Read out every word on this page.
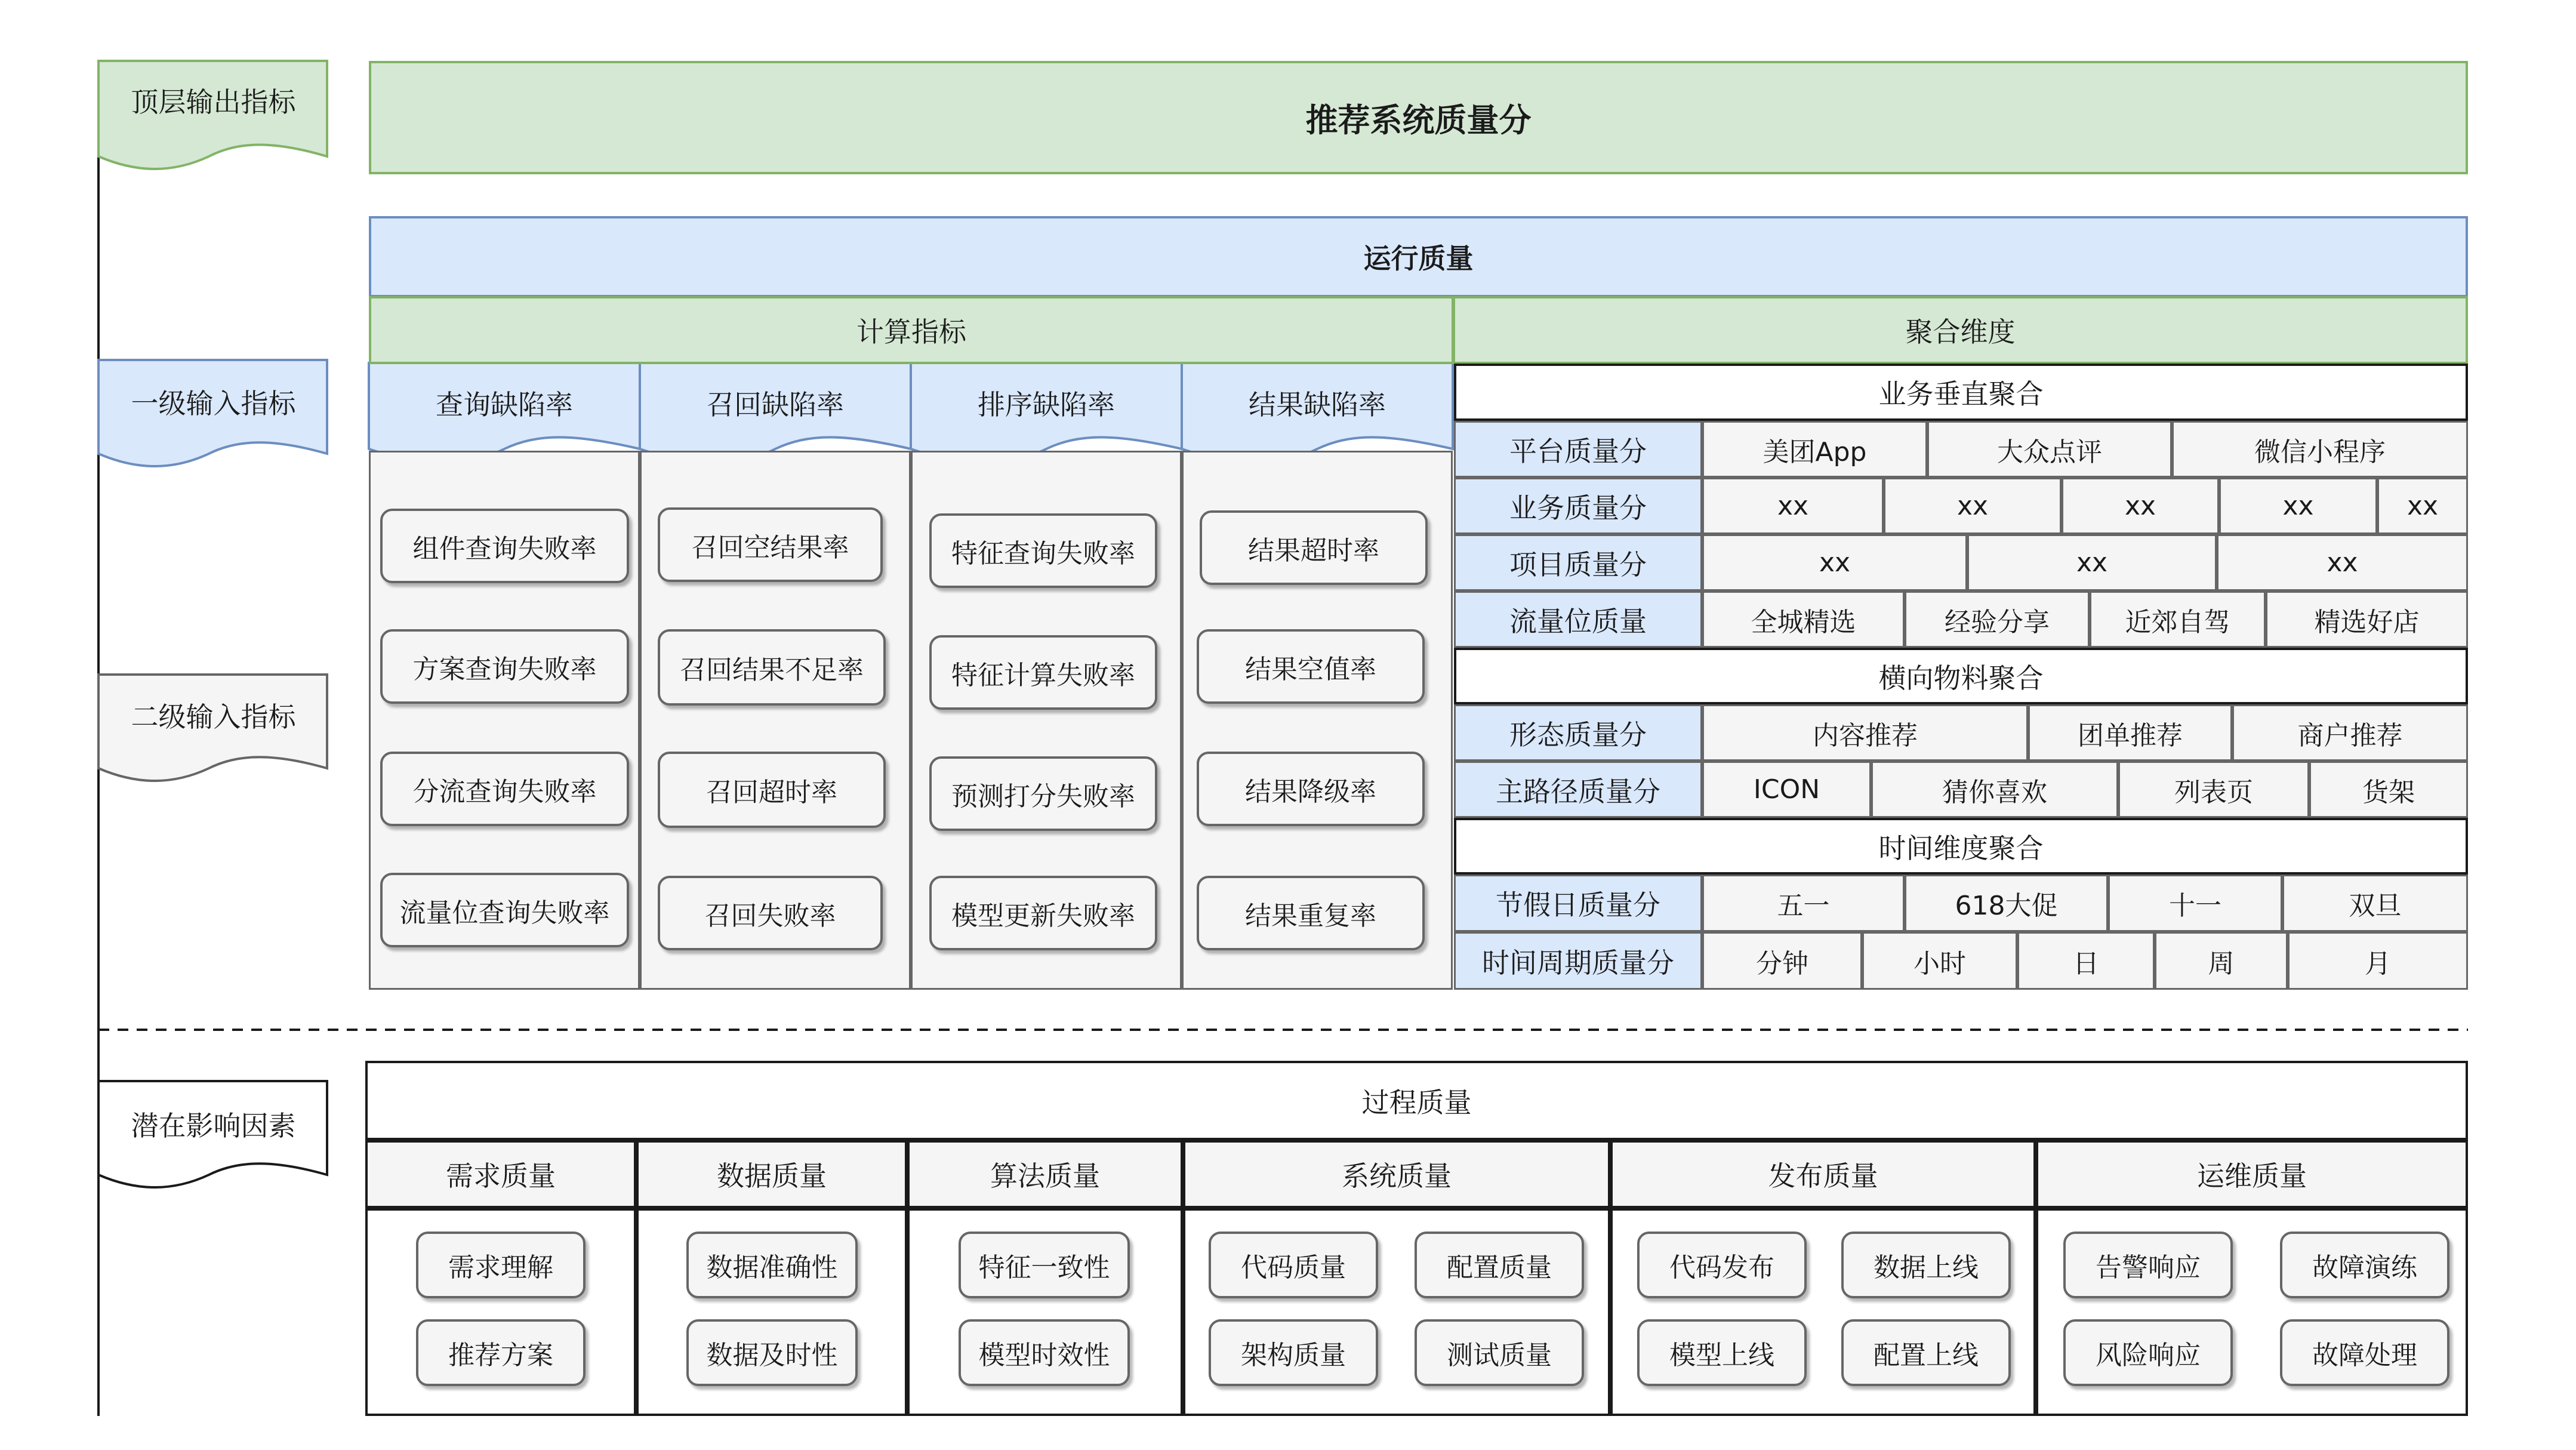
顶层输出指标
一级输入指标
二级输入指标
潜在影响因素
推荐系统质量分
运行质量
计算指标	聚合维度
查询缺陷率	召回缺陷率	排序缺陷率	结果缺陷率
组件查询失败率
方案查询失败率
分流查询失败率
流量位查询失败率
召回空结果率
召回结果不足率
召回超时率
召回失败率
特征查询失败率
特征计算失败率
预测打分失败率
模型更新失败率
结果超时率
结果空值率
结果降级率
结果重复率
业务垂直聚合
平台质量分	美团App	大众点评	微信小程序
业务质量分	xx	xx	xx	xx	xx
项目质量分	xx	xx	xx
流量位质量	全城精选	经验分享	近郊自驾	精选好店
横向物料聚合
形态质量分	内容推荐	团单推荐	商户推荐
主路径质量分	ICON	猜你喜欢	列表页	货架
时间维度聚合
节假日质量分	五一	618大促	十一	双旦
时间周期质量分	分钟	小时	日	周	月
过程质量
需求质量	数据质量	算法质量	系统质量	发布质量	运维质量
需求理解
推荐方案
数据准确性
数据及时性
特征一致性
模型时效性
代码质量	配置质量
架构质量	测试质量
代码发布	数据上线
模型上线	配置上线
告警响应	故障演练
风险响应	故障处理
